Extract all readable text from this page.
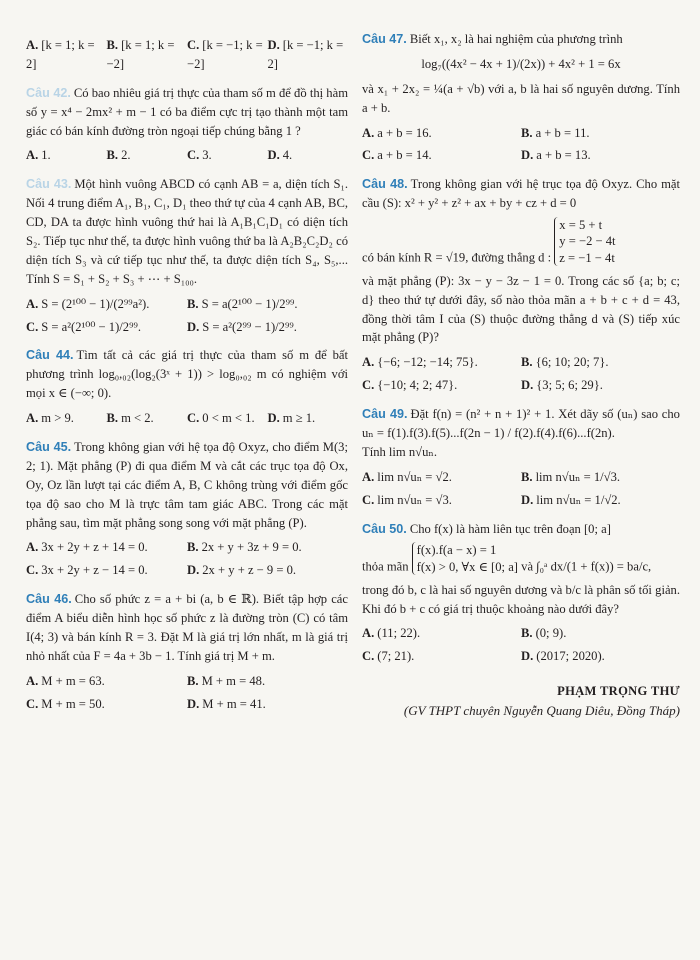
A. [k = 1; k = 2]
B. [k = 1; k = −2]
C. [k = −1; k = −2]
D. [k = −1; k = 2]
Câu 42. Có bao nhiêu giá trị thực của tham số m để đồ thị hàm số y = x⁴ − 2mx² + m − 1 có ba điểm cực trị tạo thành một tam giác có bán kính đường tròn ngoại tiếp chúng bằng 1 ?
A. 1.	B. 2.	C. 3.	D. 4.
Câu 43. Một hình vuông ABCD có cạnh AB = a, diện tích S₁. Nối 4 trung điểm A₁, B₁, C₁, D₁ theo thứ tự của 4 cạnh AB, BC, CD, DA ta được hình vuông thứ hai là A₁B₁C₁D₁ có diện tích S₂. Tiếp tục như thế, ta được hình vuông thứ ba là A₂B₂C₂D₂ có diện tích S₃ và cứ tiếp tục như thế, ta được diện tích S₄, S₅,... Tính S = S₁ + S₂ + S₃ + ⋯ + S₁₀₀.
A. S = (2¹⁰⁰ − 1)/(2⁹⁹a²).	B. S = a(2¹⁰⁰ − 1)/2⁹⁹.
C. S = a²(2¹⁰⁰ − 1)/2⁹⁹.	D. S = a²(2⁹⁹ − 1)/2⁹⁹.
Câu 44. Tìm tất cả các giá trị thực của tham số m để bất phương trình log₀,₀₂(log₂(3ˣ + 1)) > log₀,₀₂ m có nghiệm với mọi x ∈ (−∞; 0).
A. m > 9.	B. m < 2.	C. 0 < m < 1.	D. m ≥ 1.
Câu 45. Trong không gian với hệ tọa độ Oxyz, cho điểm M(3; 2; 1). Mặt phẳng (P) đi qua điểm M và cắt các trục tọa độ Ox, Oy, Oz lần lượt tại các điểm A, B, C không trùng với điểm gốc tọa độ sao cho M là trực tâm tam giác ABC. Trong các mặt phẳng sau, tìm mặt phẳng song song với mặt phẳng (P).
A. 3x + 2y + z + 14 = 0.	B. 2x + y + 3z + 9 = 0.
C. 3x + 2y + z − 14 = 0.	D. 2x + y + z − 9 = 0.
Câu 46. Cho số phức z = a + bi (a, b ∈ ℝ). Biết tập hợp các điểm A biểu diễn hình học số phức z là đường tròn (C) có tâm I(4; 3) và bán kính R = 3. Đặt M là giá trị lớn nhất, m là giá trị nhỏ nhất của F = 4a + 3b − 1. Tính giá trị M + m.
A. M + m = 63.	B. M + m = 48.
C. M + m = 50.	D. M + m = 41.
Câu 47. Biết x₁, x₂ là hai nghiệm của phương trình
log₇((4x² − 4x + 1)/(2x)) + 4x² + 1 = 6x
và x₁ + 2x₂ = ¼(a + √b) với a, b là hai số nguyên dương. Tính a + b.
A. a + b = 16.	B. a + b = 11.
C. a + b = 14.	D. a + b = 13.
Câu 48. Trong không gian với hệ trục tọa độ Oxyz. Cho mặt cầu (S): x² + y² + z² + ax + by + cz + d = 0
có bán kính R = √19, đường thẳng d : x = 5 + t
y = −2 − 4t
z = −1 − 4t
và mặt phẳng (P): 3x − y − 3z − 1 = 0. Trong các số {a; b; c; d} theo thứ tự dưới đây, số nào thỏa mãn a + b + c + d = 43, đồng thời tâm I của (S) thuộc đường thẳng d và (S) tiếp xúc mặt phẳng (P)?
A. {−6; −12; −14; 75}.	B. {6; 10; 20; 7}.
C. {−10; 4; 2; 47}.	D. {3; 5; 6; 29}.
Câu 49. Đặt f(n) = (n² + n + 1)² + 1. Xét dãy số (uₙ) sao cho uₙ = f(1).f(3).f(5)...f(2n − 1) / f(2).f(4).f(6)...f(2n).
Tính lim n√uₙ.
A. lim n√uₙ = √2.	B. lim n√uₙ = 1/√3.
C. lim n√uₙ = √3.	D. lim n√uₙ = 1/√2.
Câu 50. Cho f(x) là hàm liên tục trên đoạn [0; a]
thỏa mãn f(x).f(a − x) = 1
f(x) > 0, ∀x ∈ [0; a] và ∫₀ᵃ dx/(1 + f(x)) = ba/c,
trong đó b, c là hai số nguyên dương và b/c là phân số tối giản. Khi đó b + c có giá trị thuộc khoảng nào dưới đây?
A. (11; 22).	B. (0; 9).
C. (7; 21).	D. (2017; 2020).
PHẠM TRỌNG THƯ
(GV THPT chuyên Nguyễn Quang Diêu, Đồng Tháp)
